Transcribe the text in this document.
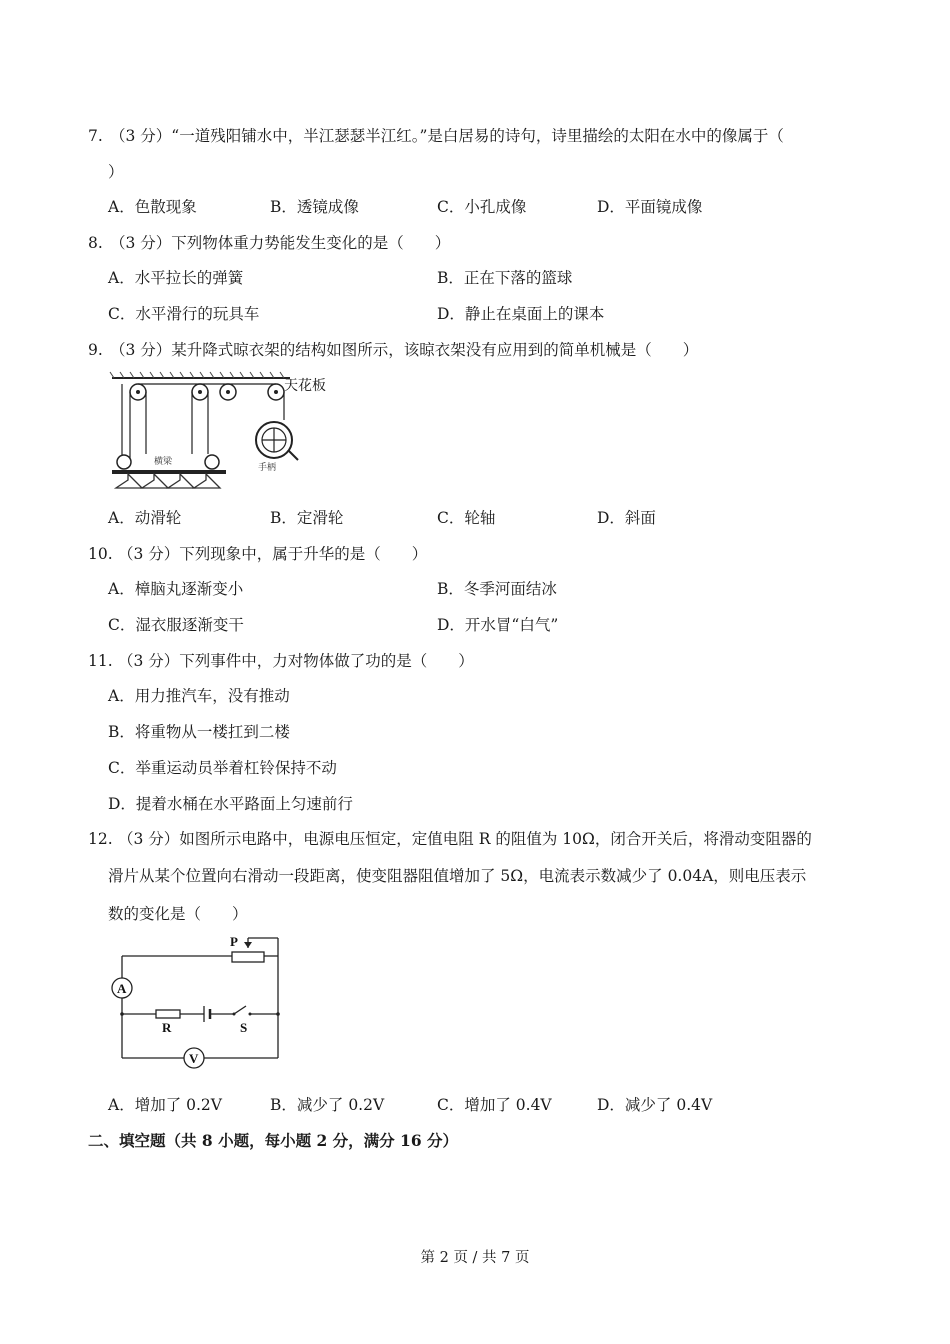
7. （3 分）“一道残阳铺水中，半江瑟瑟半江红。”是白居易的诗句，诗里描绘的太阳在水中的像属于（
）
A．色散现象	B．透镜成像	C．小孔成像	D．平面镜成像
8. （3 分）下列物体重力势能发生变化的是（　　）
A．水平拉长的弹簧	B．正在下落的篮球
C．水平滑行的玩具车	D．静止在桌面上的课本
9. （3 分）某升降式晾衣架的结构如图所示，该晾衣架没有应用到的简单机械是（　　）
天花板
横梁
手柄
A．动滑轮	B．定滑轮	C．轮轴	D．斜面
10. （3 分）下列现象中，属于升华的是（　　）
A．樟脑丸逐渐变小	B．冬季河面结冰
C．湿衣服逐渐变干	D．开水冒“白气”
11. （3 分）下列事件中，力对物体做了功的是（　　）
A．用力推汽车，没有推动
B．将重物从一楼扛到二楼
C．举重运动员举着杠铃保持不动
D．提着水桶在水平路面上匀速前行
12. （3 分）如图所示电路中，电源电压恒定，定值电阻 R 的阻值为 10Ω，闭合开关后，将滑动变阻器的
滑片从某个位置向右滑动一段距离，使变阻器阻值增加了 5Ω，电流表示数减少了 0.04A，则电压表示
数的变化是（　　）
P
A
R	S
V
A．增加了 0.2V	B．减少了 0.2V	C．增加了 0.4V	D．减少了 0.4V
二、填空题（共 8 小题，每小题 2 分，满分 16 分）
第 2 页 / 共 7 页
